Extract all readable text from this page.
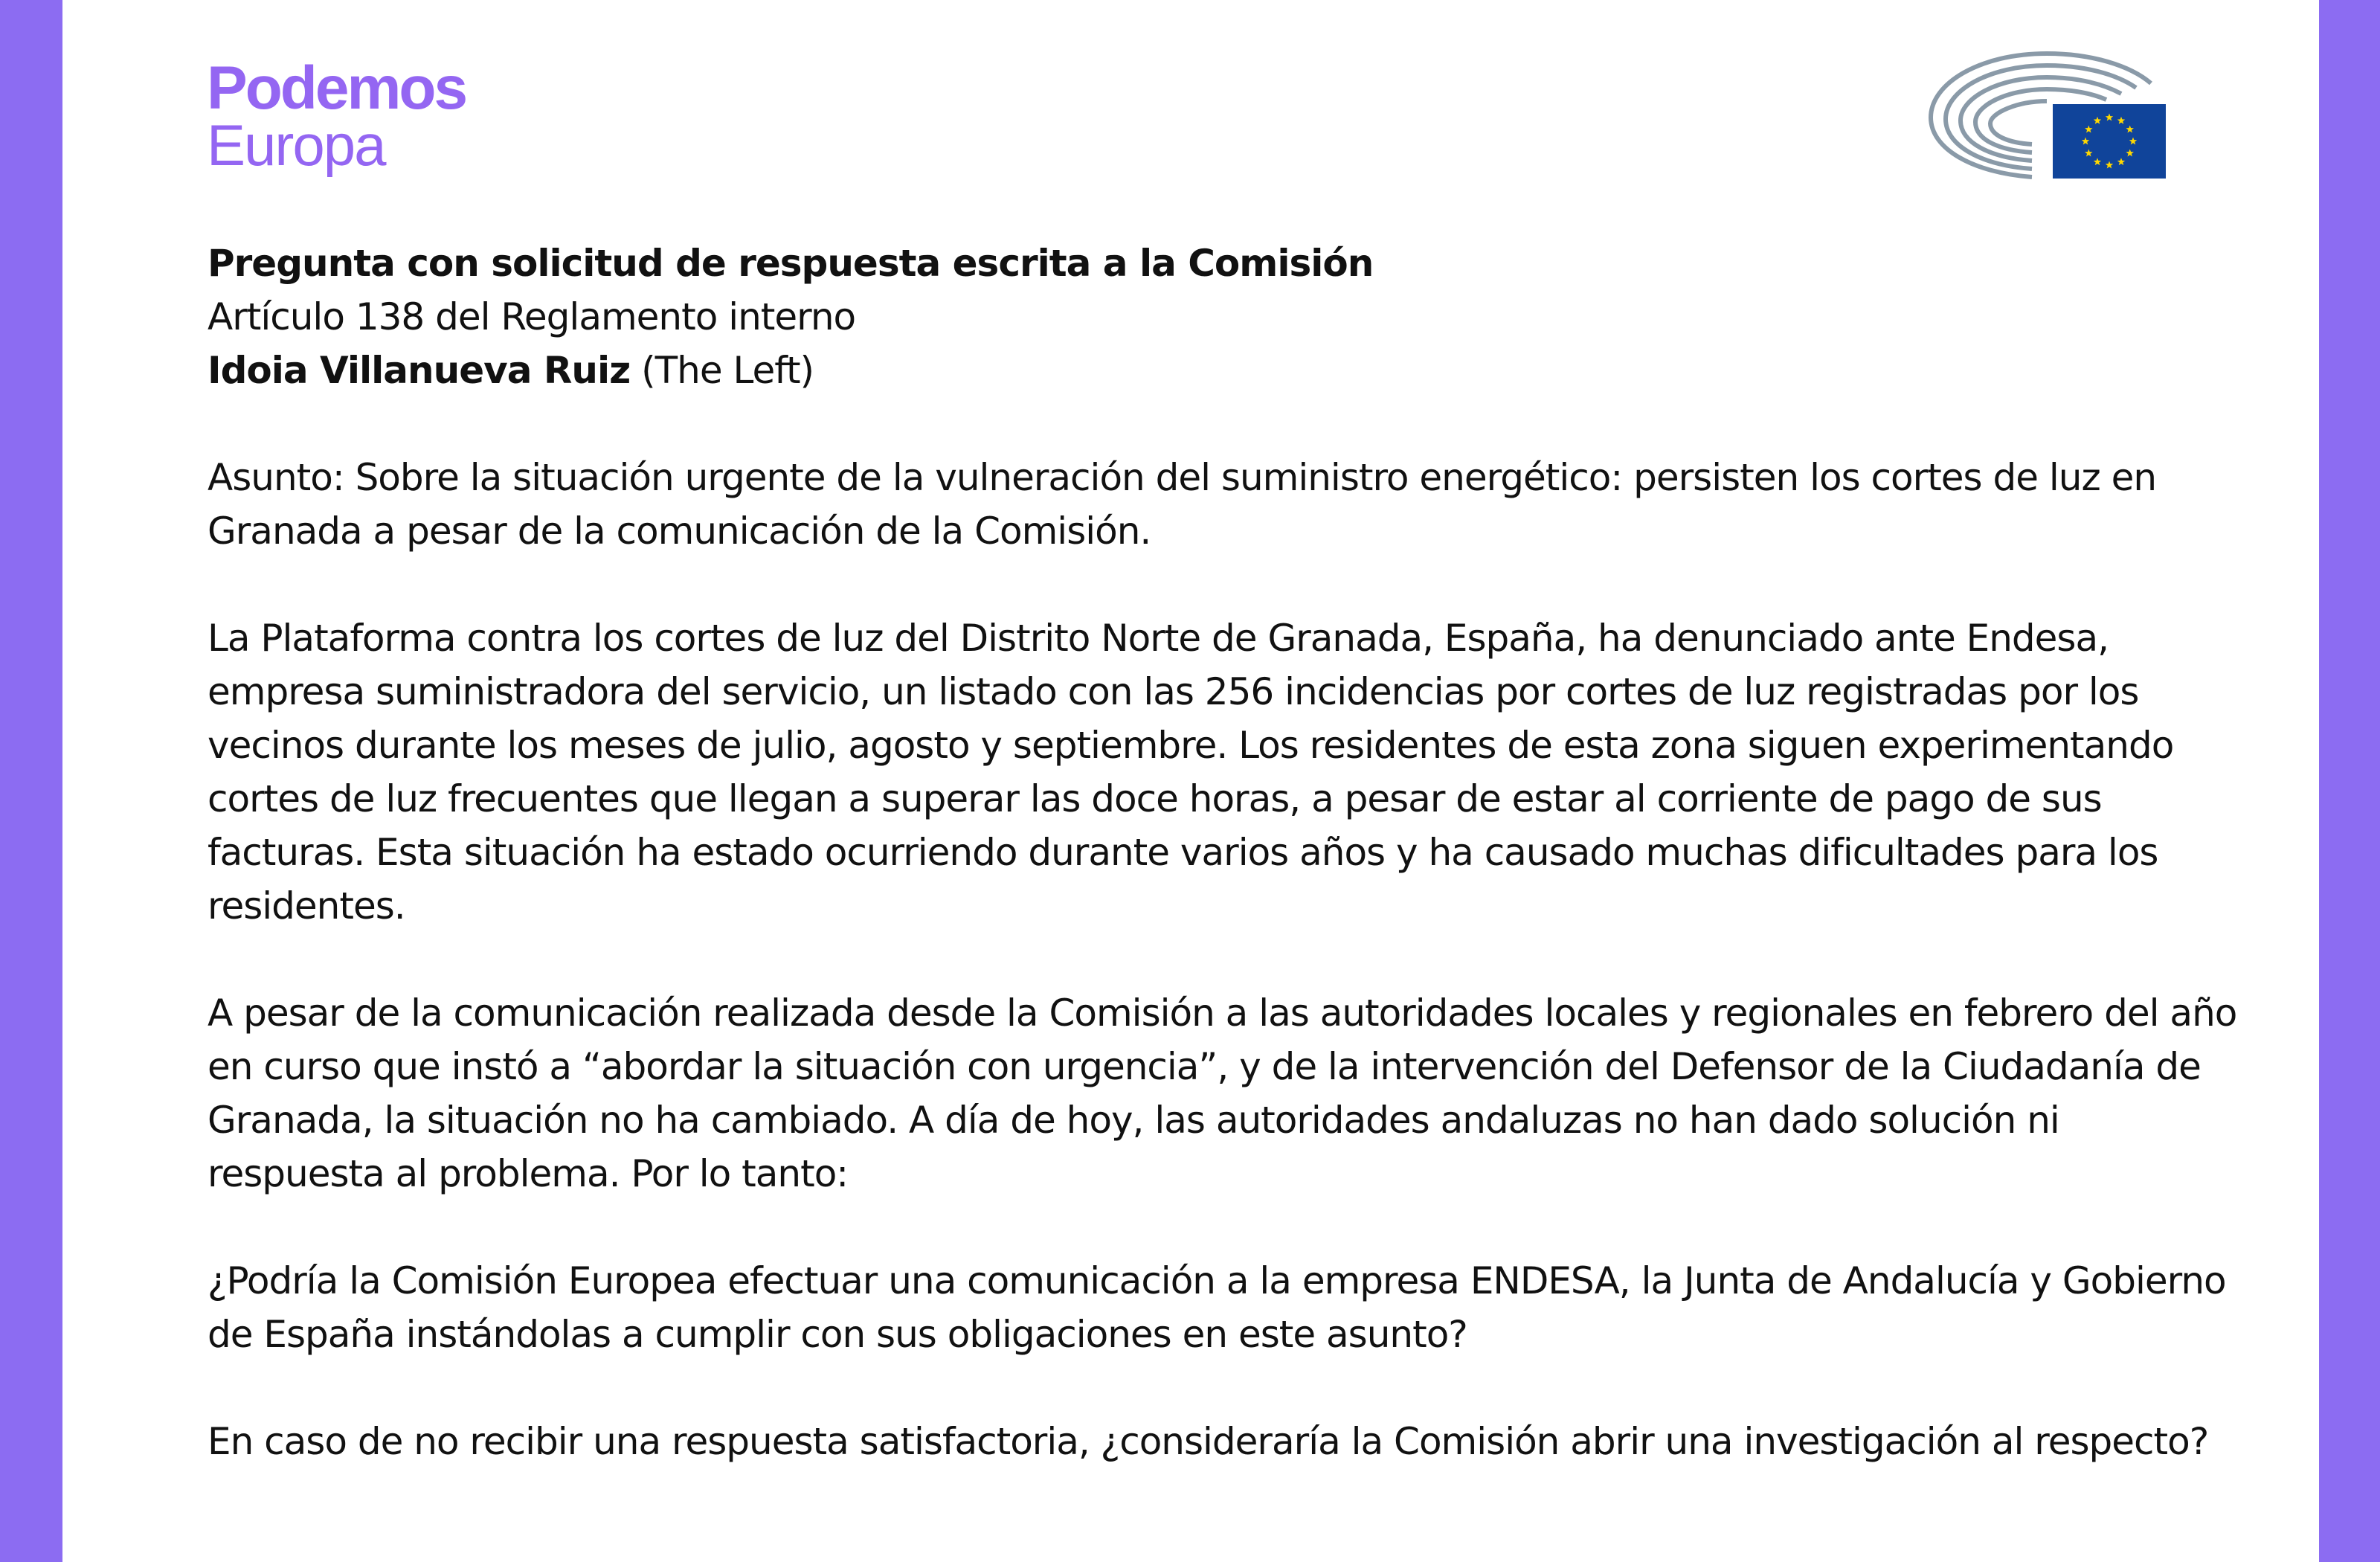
Podemos
Europa
Pregunta con solicitud de respuesta escrita a la Comisión
Artículo 138 del Reglamento interno
Idoia Villanueva Ruiz (The Left)

Asunto: Sobre la situación urgente de la vulneración del suministro energético: persisten los cortes de luz en Granada a pesar de la comunicación de la Comisión.

La Plataforma contra los cortes de luz del Distrito Norte de Granada, España, ha denunciado ante Endesa, empresa suministradora del servicio, un listado con las 256 incidencias por cortes de luz registradas por los vecinos durante los meses de julio, agosto y septiembre. Los residentes de esta zona siguen experimentando cortes de luz frecuentes que llegan a superar las doce horas, a pesar de estar al corriente de pago de sus facturas. Esta situación ha estado ocurriendo durante varios años y ha causado muchas dificultades para los residentes.

A pesar de la comunicación realizada desde la Comisión a las autoridades locales y regionales en febrero del año en curso que instó a “abordar la situación con urgencia”, y de la intervención del Defensor de la Ciudadanía de Granada, la situación no ha cambiado. A día de hoy, las autoridades andaluzas no han dado solución ni respuesta al problema. Por lo tanto:

¿Podría la Comisión Europea efectuar una comunicación a la empresa ENDESA, la Junta de Andalucía y Gobierno de España instándolas a cumplir con sus obligaciones en este asunto?

En caso de no recibir una respuesta satisfactoria, ¿consideraría la Comisión abrir una investigación al respecto?
